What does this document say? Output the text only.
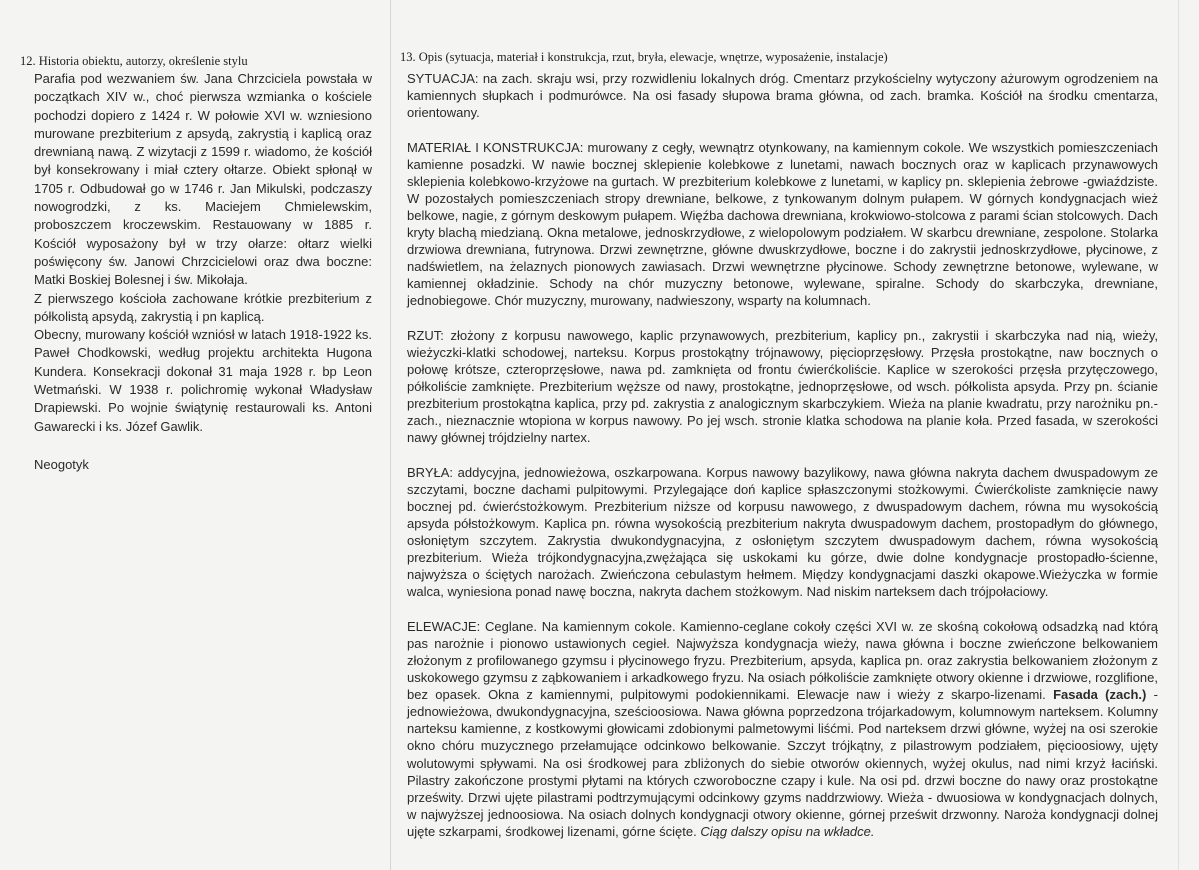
12. Historia obiektu, autorzy, określenie stylu

Parafia pod wezwaniem św. Jana Chrzciciela powstała w początkach XIV w., choć pierwsza wzmianka o kościele pochodzi dopiero z 1424 r. W połowie XVI w. wzniesiono murowane prezbiterium z apsydą, zakrystią i kaplicą oraz drewnianą nawą. Z wizytacji z 1599 r. wiadomo, że kościół był konsekrowany i miał cztery ołtarze. Obiekt spłonął w 1705 r. Odbudował go w 1746 r. Jan Mikulski, podczaszy nowogrodzki, z ks. Maciejem Chmielewskim, proboszczem kroczewskim. Restauowany w 1885 r. Kościół wyposażony był w trzy ołarze: ołtarz wielki poświęcony św. Janowi Chrzcicielowi oraz dwa boczne: Matki Boskiej Bolesnej i św. Mikołaja.

Z pierwszego kościoła zachowane krótkie prezbiterium z półkolistą apsydą, zakrystią i pn kaplicą.

Obecny, murowany kościół wzniósł w latach 1918-1922 ks. Paweł Chodkowski, według projektu architekta Hugona Kundera. Konsekracji dokonał 31 maja 1928 r. bp Leon Wetmański. W 1938 r. polichromię wykonał Władysław Drapiewski. Po wojnie świątynię restaurowali ks. Antoni Gawarecki i ks. Józef Gawlik.

Neogotyk

13. Opis (sytuacja, materiał i konstrukcja, rzut, bryła, elewacje, wnętrze, wyposażenie, instalacje)

SYTUACJA: na zach. skraju wsi, przy rozwidleniu lokalnych dróg. Cmentarz przykościelny wytyczony ażurowym ogrodzeniem na kamiennych słupkach i podmurówce. Na osi fasady słupowa brama główna, od zach. bramka. Kościół na środku cmentarza, orientowany.

MATERIAŁ I KONSTRUKCJA: murowany z cegły, wewnątrz otynkowany, na kamiennym cokole. We wszystkich pomieszczeniach kamienne posadzki. W nawie bocznej sklepienie kolebkowe z lunetami, nawach bocznych oraz w kaplicach przynawowych sklepienia kolebkowo-krzyżowe na gurtach. W prezbiterium kolebkowe z lunetami, w kaplicy pn. sklepienia żebrowe -gwiaździste. W pozostałych pomieszczeniach stropy drewniane, belkowe, z tynkowanym dolnym pułapem. W górnych kondygnacjach wież belkowe, nagie, z górnym deskowym pułapem. Więźba dachowa drewniana, krokwiowo-stolcowa z parami ścian stolcowych. Dach kryty blachą miedzianą. Okna metalowe, jednoskrzydłowe, z wielopolowym podziałem. W skarbcu drewniane, zespolone. Stolarka drzwiowa drewniana, futrynowa. Drzwi zewnętrzne, główne dwuskrzydłowe, boczne i do zakrystii jednoskrzydłowe, płycinowe, z nadświetlem, na żelaznych pionowych zawiasach. Drzwi wewnętrzne płycinowe. Schody zewnętrzne betonowe, wylewane, w kamiennej okładzinie. Schody na chór muzyczny betonowe, wylewane, spiralne. Schody do skarbczyka, drewniane, jednobiegowe. Chór muzyczny, murowany, nadwieszony, wsparty na kolumnach.

RZUT: złożony z korpusu nawowego, kaplic przynawowych, prezbiterium, kaplicy pn., zakrystii i skarbczyka nad nią, wieży, wieżyczki-klatki schodowej, narteksu. Korpus prostokątny trójnawowy, pięcioprzęsłowy. Przęsła prostokątne, naw bocznych o połowę krótsze, czteroprzęsłowe, nawa pd. zamknięta od frontu ćwierćkoliście. Kaplice w szerokości przęsła przytęczowego, półkoliście zamknięte. Prezbiterium węższe od nawy, prostokątne, jednoprzęsłowe, od wsch. półkolista apsyda. Przy pn. ścianie prezbiterium prostokątna kaplica, przy pd. zakrystia z analogicznym skarbczykiem. Wieża na planie kwadratu, przy narożniku pn.-zach., nieznacznie wtopiona w korpus nawowy. Po jej wsch. stronie klatka schodowa na planie koła. Przed fasada, w szerokości nawy głównej trójdzielny nartex.

BRYŁA: addycyjna, jednowieżowa, oszkarpowana. Korpus nawowy bazylikowy, nawa główna nakryta dachem dwuspadowym ze szczytami, boczne dachami pulpitowymi. Przylegające doń kaplice spłaszczonymi stożkowymi. Ćwierćkoliste zamknięcie nawy bocznej pd. ćwierćstożkowym. Prezbiterium niższe od korpusu nawowego, z dwuspadowym dachem, równa mu wysokością apsyda półstożkowym. Kaplica pn. równa wysokością prezbiterium nakryta dwuspadowym dachem, prostopadłym do głównego, osłoniętym szczytem. Zakrystia dwukondygnacyjna, z osłoniętym szczytem dwuspadowym dachem, równa wysokością prezbiterium. Wieża trójkondygnacyjna,zwężająca się uskokami ku górze, dwie dolne kondygnacje prostopadło-ścienne, najwyższa o ściętych narożach. Zwieńczona cebulastym hełmem. Między kondygnacjami daszki okapowe.Wieżyczka w formie walca, wyniesiona ponad nawę boczna, nakryta dachem stożkowym. Nad niskim narteksem dach trójpołaciowy.

ELEWACJE: Ceglane. Na kamiennym cokole. Kamienno-ceglane cokoły części XVI w. ze skośną cokołową odsadzką nad którą pas narożnie i pionowo ustawionych cegieł. Najwyższa kondygnacja wieży, nawa główna i boczne zwieńczone belkowaniem złożonym z profilowanego gzymsu i płycinowego fryzu. Prezbiterium, apsyda, kaplica pn. oraz zakrystia belkowaniem złożonym z uskokowego gzymsu z ząbkowaniem i arkadkowego fryzu. Na osiach półkoliście zamknięte otwory okienne i drzwiowe, rozglifione, bez opasek. Okna z kamiennymi, pulpitowymi podokiennikami. Elewacje naw i wieży z skarpo-lizenami. Fasada (zach.) - jednowieżowa, dwukondygnacyjna, sześcioosiowa. Nawa główna poprzedzona trójarkadowym, kolumnowym narteksem. Kolumny narteksu kamienne, z kostkowymi głowicami zdobionymi palmetowymi liśćmi. Pod narteksem drzwi główne, wyżej na osi szerokie okno chóru muzycznego przełamujące odcinkowo belkowanie. Szczyt trójkątny, z pilastrowym podziałem, pięcioosiowy, ujęty wolutowymi spływami. Na osi środkowej para zbliżonych do siebie otworów okiennych, wyżej okulus, nad nimi krzyż łaciński. Pilastry zakończone prostymi płytami na których czworoboczne czapy i kule. Na osi pd. drzwi boczne do nawy oraz prostokątne prześwity. Drzwi ujęte pilastrami podtrzymującymi odcinkowy gzyms naddrzwiowy. Wieża - dwuosiowa w kondygnacjach dolnych, w najwyższej jednoosiowa. Na osiach dolnych kondygnacji otwory okienne, górnej prześwit drzwonny. Naroża kondygnacji dolnej ujęte szkarpami, środkowej lizenami, górne ścięte. Ciąg dalszy opisu na wkładce.
